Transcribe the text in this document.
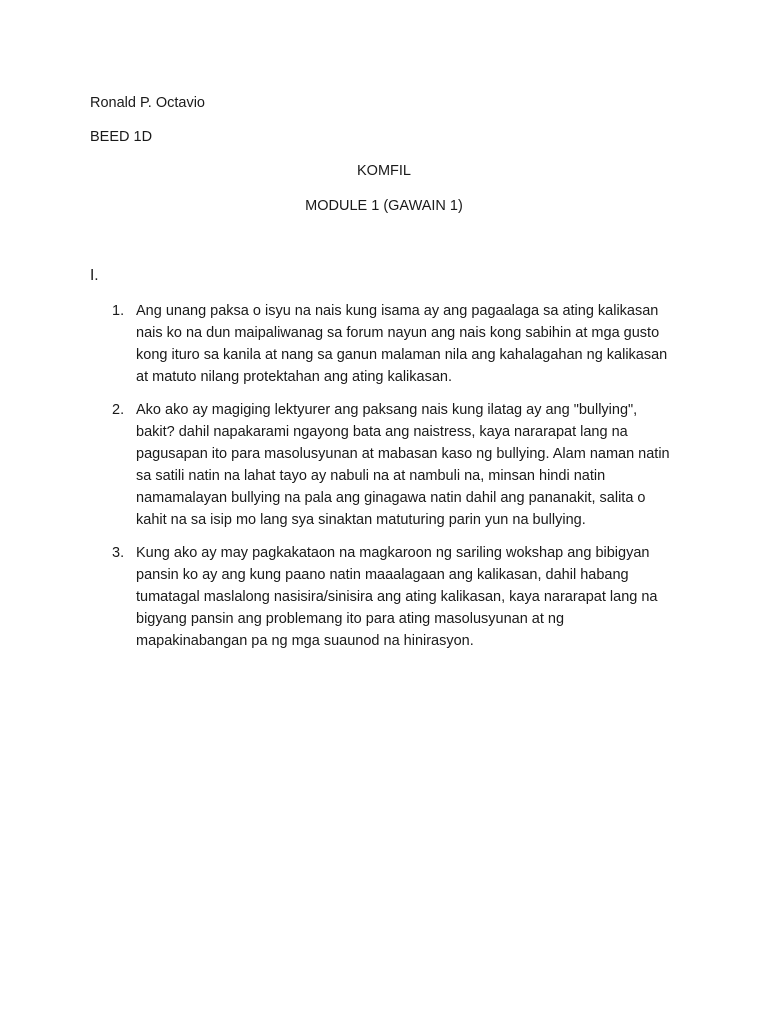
Ronald P. Octavio
BEED 1D
KOMFIL
MODULE 1 (GAWAIN 1)
I.
1. Ang unang paksa o isyu na nais kung isama ay ang pagaalaga sa ating kalikasan nais ko na dun maipaliwanag sa forum nayun ang nais kong sabihin at mga gusto kong ituro sa kanila at nang sa ganun malaman nila ang kahalagahan ng kalikasan at matuto nilang protektahan ang ating kalikasan.
2. Ako ako ay magiging lektyurer ang paksang nais kung ilatag ay ang "bullying", bakit? dahil napakarami ngayong bata ang naistress, kaya nararapat lang na pagusapan ito para masolusyunan at mabasan kaso ng bullying. Alam naman natin sa satili natin na lahat tayo ay nabuli na at nambuli na, minsan hindi natin namamalayan bullying na pala ang ginagawa natin dahil ang pananakit, salita o kahit na sa isip mo lang sya sinaktan matuturing parin yun na bullying.
3. Kung ako ay may pagkakataon na magkaroon ng sariling wokshap ang bibigyan pansin ko ay ang kung paano natin maaalagaan ang kalikasan, dahil habang tumatagal maslalong nasisira/sinisira ang ating kalikasan, kaya nararapat lang na bigyang pansin ang problemang ito para ating masolusyunan at ng mapakinabangan pa ng mga suaunod na hinirasyon.
